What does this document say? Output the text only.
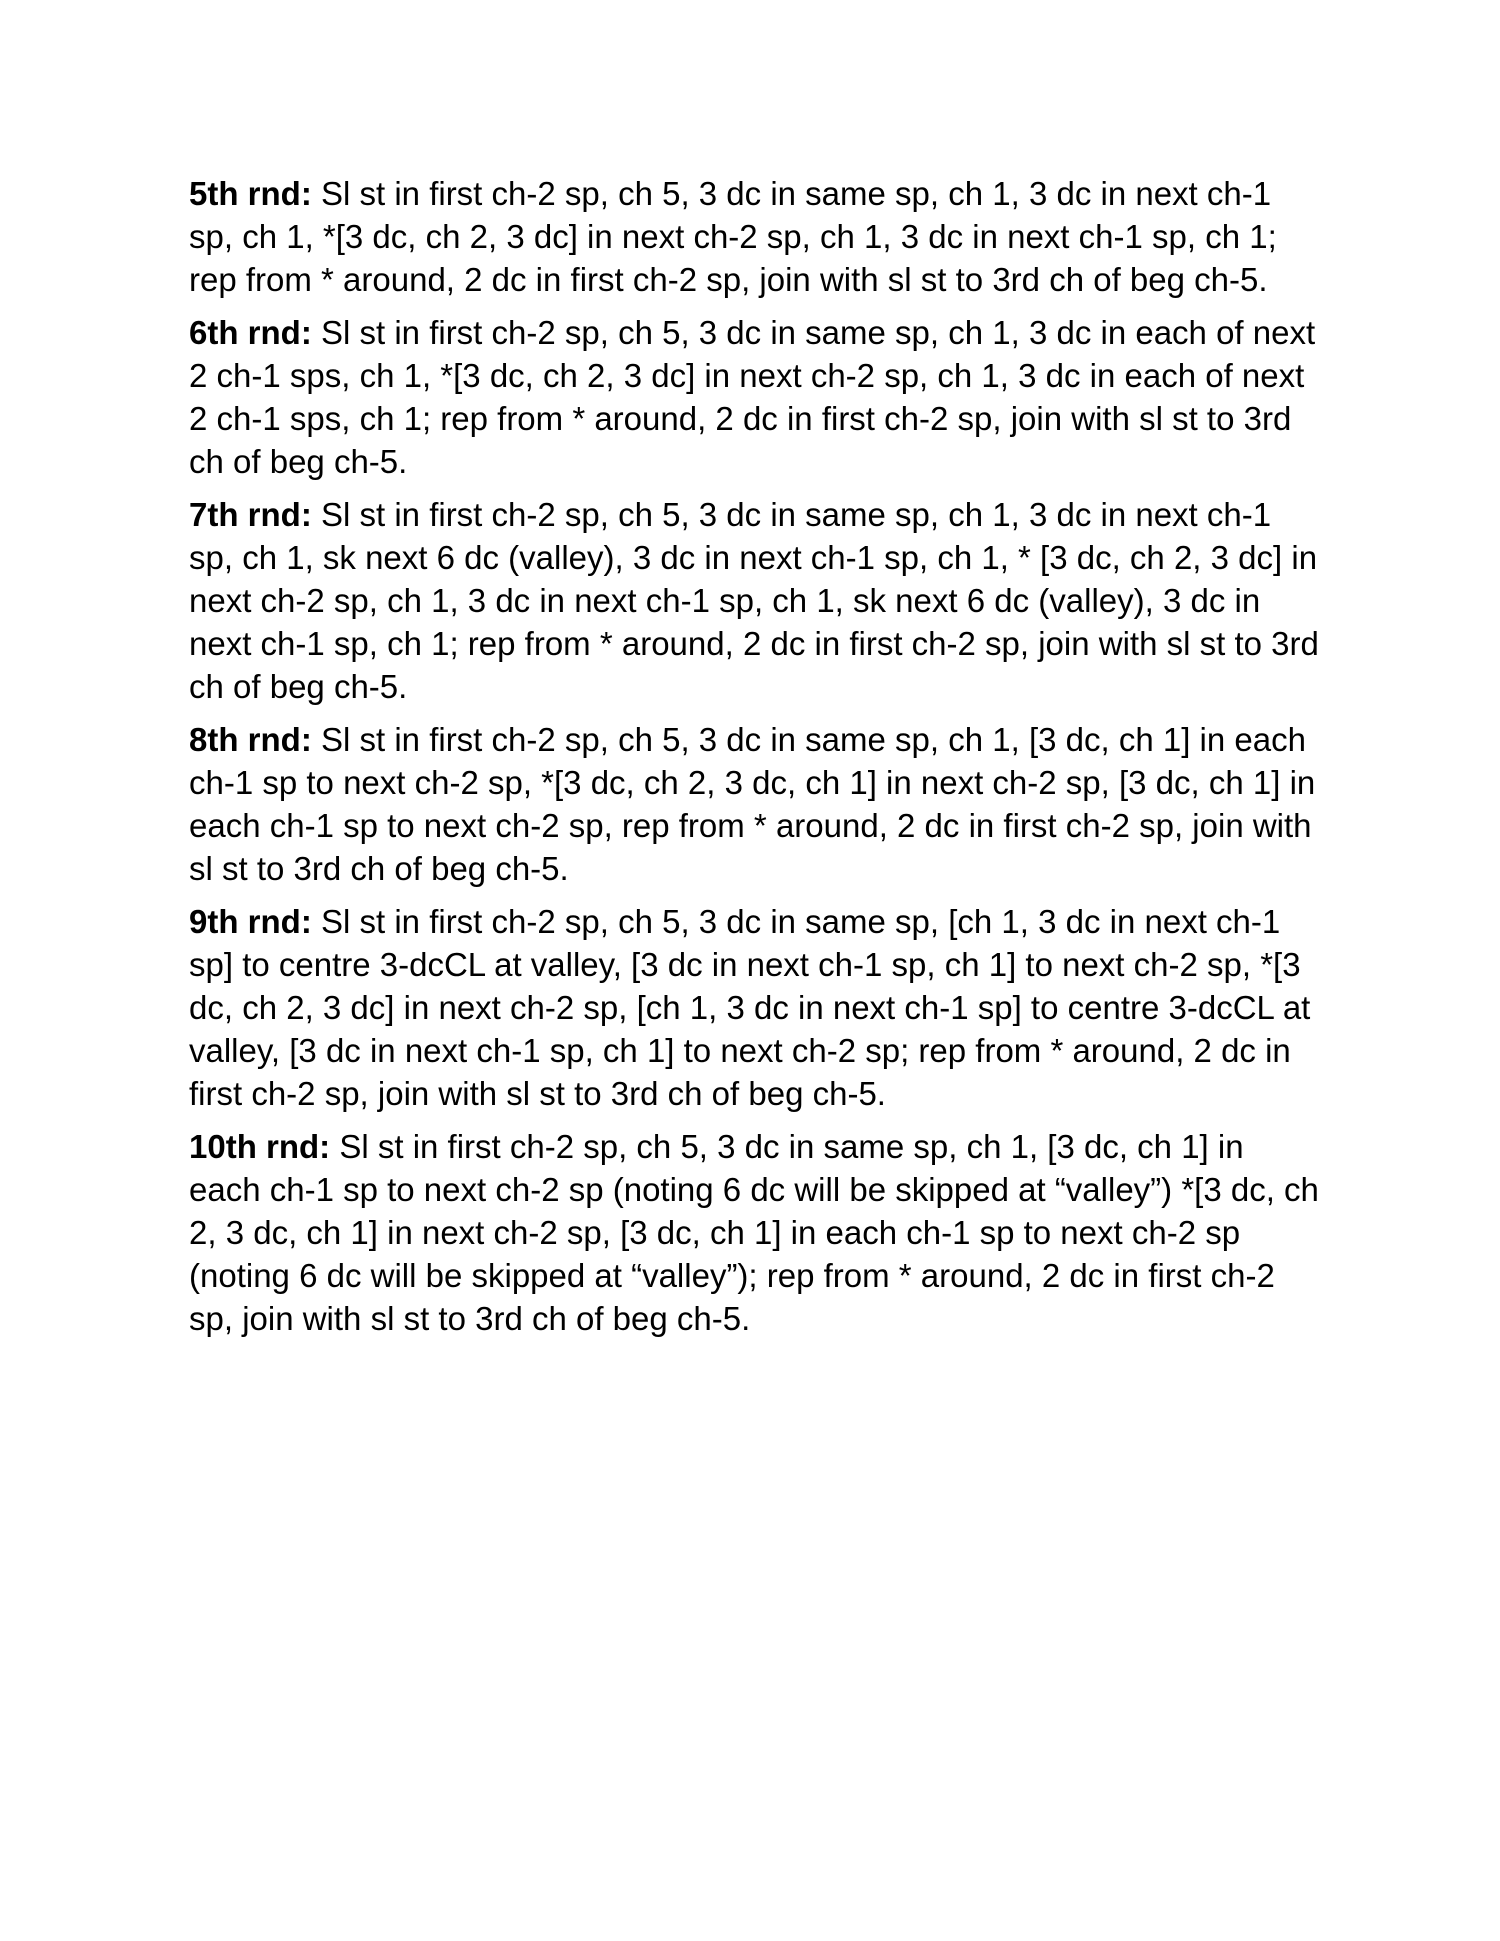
5th rnd: Sl st in first ch-2 sp, ch 5, 3 dc in same sp, ch 1, 3 dc in next ch-1 sp, ch 1, *[3 dc, ch 2, 3 dc] in next ch-2 sp, ch 1, 3 dc in next ch-1 sp, ch 1; rep from * around, 2 dc in first ch-2 sp, join with sl st to 3rd ch of beg ch-5.

6th rnd: Sl st in first ch-2 sp, ch 5, 3 dc in same sp, ch 1, 3 dc in each of next 2 ch-1 sps, ch 1, *[3 dc, ch 2, 3 dc] in next ch-2 sp, ch 1, 3 dc in each of next 2 ch-1 sps, ch 1; rep from * around, 2 dc in first ch-2 sp, join with sl st to 3rd ch of beg ch-5.

7th rnd: Sl st in first ch-2 sp, ch 5, 3 dc in same sp, ch 1, 3 dc in next ch-1 sp, ch 1, sk next 6 dc (valley), 3 dc in next ch-1 sp, ch 1, * [3 dc, ch 2, 3 dc] in next ch-2 sp, ch 1, 3 dc in next ch-1 sp, ch 1, sk next 6 dc (valley), 3 dc in next ch-1 sp, ch 1; rep from * around, 2 dc in first ch-2 sp, join with sl st to 3rd ch of beg ch-5.

8th rnd: Sl st in first ch-2 sp, ch 5, 3 dc in same sp, ch 1, [3 dc, ch 1] in each ch-1 sp to next ch-2 sp, *[3 dc, ch 2, 3 dc, ch 1] in next ch-2 sp, [3 dc, ch 1] in each ch-1 sp to next ch-2 sp, rep from * around, 2 dc in first ch-2 sp, join with sl st to 3rd ch of beg ch-5.

9th rnd: Sl st in first ch-2 sp, ch 5, 3 dc in same sp, [ch 1, 3 dc in next ch-1 sp] to centre 3-dcCL at valley, [3 dc in next ch-1 sp, ch 1] to next ch-2 sp, *[3 dc, ch 2, 3 dc] in next ch-2 sp, [ch 1, 3 dc in next ch-1 sp] to centre 3-dcCL at valley, [3 dc in next ch-1 sp, ch 1] to next ch-2 sp; rep from * around, 2 dc in first ch-2 sp, join with sl st to 3rd ch of beg ch-5.

10th rnd: Sl st in first ch-2 sp, ch 5, 3 dc in same sp, ch 1, [3 dc, ch 1] in each ch-1 sp to next ch-2 sp (noting 6 dc will be skipped at “valley”) *[3 dc, ch 2, 3 dc, ch 1] in next ch-2 sp, [3 dc, ch 1] in each ch-1 sp to next ch-2 sp (noting 6 dc will be skipped at “valley”); rep from * around, 2 dc in first ch-2 sp, join with sl st to 3rd ch of beg ch-5.
